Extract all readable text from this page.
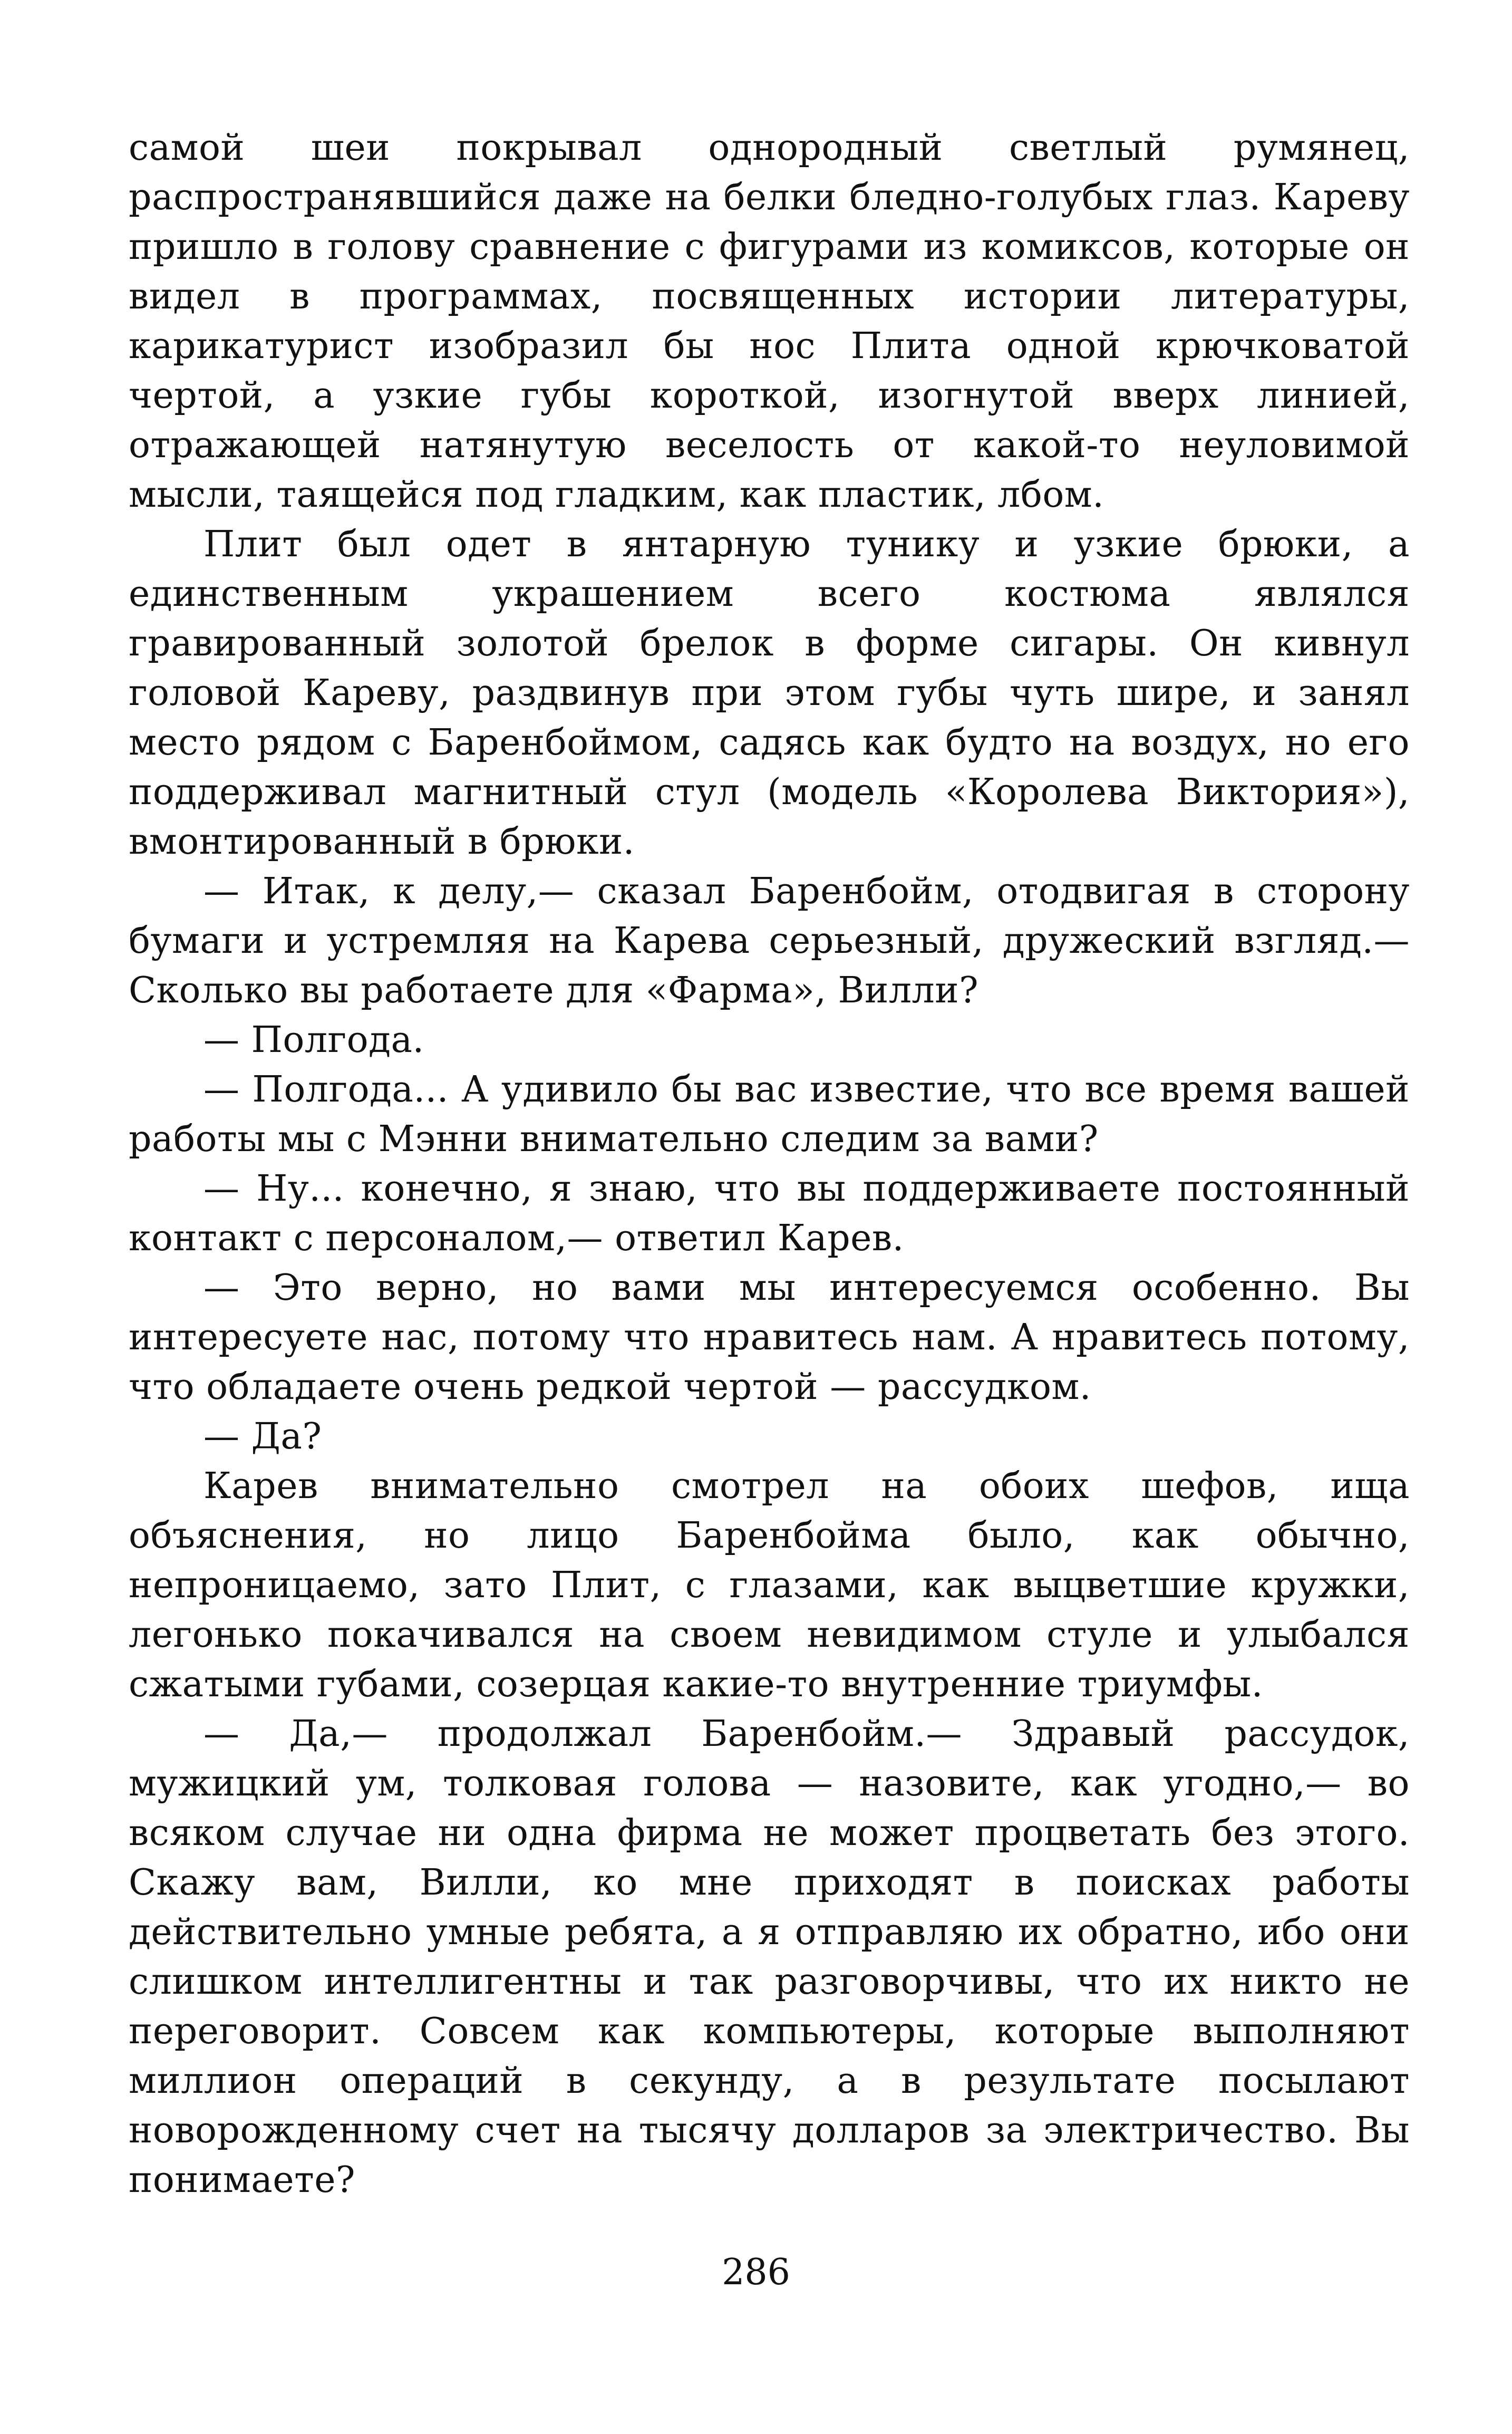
самой шеи покрывал однородный светлый румянец, распространявшийся даже на белки бледно-голубых глаз. Кареву пришло в голову сравнение с фигурами из комиксов, которые он видел в программах, посвященных истории литературы, карикатурист изобразил бы нос Плита одной крючковатой чертой, а узкие губы короткой, изогнутой вверх линией, отражающей натянутую веселость от какой-то неуловимой мысли, таящейся под гладким, как пластик, лбом.

Плит был одет в янтарную тунику и узкие брюки, а единственным украшением всего костюма являлся гравированный золотой брелок в форме сигары. Он кивнул головой Кареву, раздвинув при этом губы чуть шире, и занял место рядом с Баренбоймом, садясь как будто на воздух, но его поддерживал магнитный стул (модель «Королева Виктория»), вмонтированный в брюки.

— Итак, к делу,— сказал Баренбойм, отодвигая в сторону бумаги и устремляя на Карева серьезный, дружеский взгляд.— Сколько вы работаете для «Фарма», Вилли?

— Полгода.

— Полгода... А удивило бы вас известие, что все время вашей работы мы с Мэнни внимательно следим за вами?

— Ну... конечно, я знаю, что вы поддерживаете постоянный контакт с персоналом,— ответил Карев.

— Это верно, но вами мы интересуемся особенно. Вы интересуете нас, потому что нравитесь нам. А нравитесь потому, что обладаете очень редкой чертой — рассудком.

— Да?

Карев внимательно смотрел на обоих шефов, ища объяснения, но лицо Баренбойма было, как обычно, непроницаемо, зато Плит, с глазами, как выцветшие кружки, легонько покачивался на своем невидимом стуле и улыбался сжатыми губами, созерцая какие-то внутренние триумфы.

— Да,— продолжал Баренбойм.— Здравый рассудок, мужицкий ум, толковая голова — назовите, как угодно,— во всяком случае ни одна фирма не может процветать без этого. Скажу вам, Вилли, ко мне приходят в поисках работы действительно умные ребята, а я отправляю их обратно, ибо они слишком интеллигентны и так разговорчивы, что их никто не переговорит. Совсем как компьютеры, которые выполняют миллион операций в секунду, а в результате посылают новорожденному счет на тысячу долларов за электричество. Вы понимаете?

286
